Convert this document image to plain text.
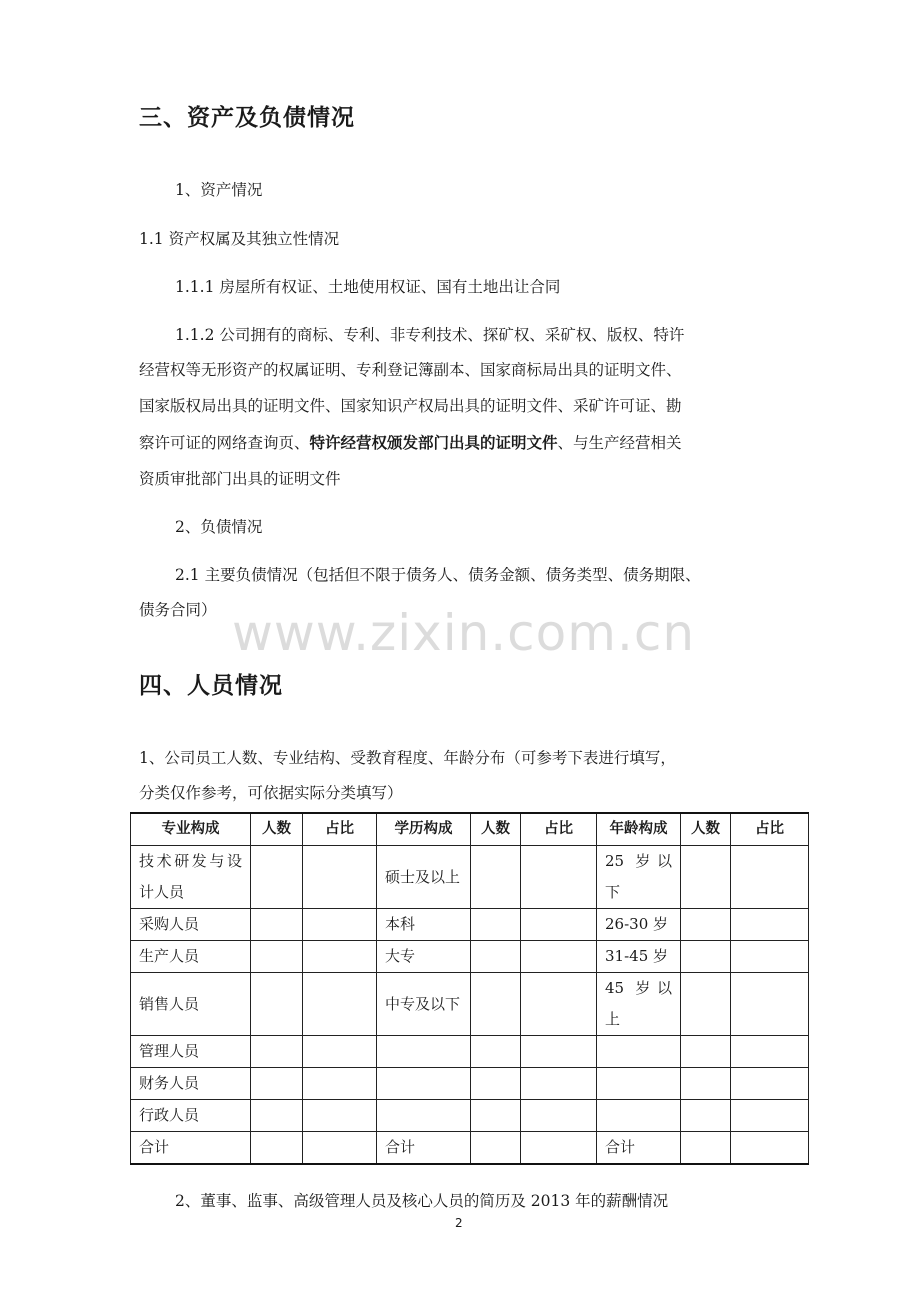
三、资产及负债情况
1、资产情况
1.1 资产权属及其独立性情况
1.1.1 房屋所有权证、土地使用权证、国有土地出让合同
1.1.2 公司拥有的商标、专利、非专利技术、探矿权、采矿权、版权、特许
经营权等无形资产的权属证明、专利登记簿副本、国家商标局出具的证明文件、
国家版权局出具的证明文件、国家知识产权局出具的证明文件、采矿许可证、勘
察许可证的网络查询页、特许经营权颁发部门出具的证明文件、与生产经营相关
资质审批部门出具的证明文件
2、负债情况
2.1 主要负债情况（包括但不限于债务人、债务金额、债务类型、债务期限、
债务合同） www.zixin.com.cn
四、人员情况
1、公司员工人数、专业结构、受教育程度、年龄分布（可参考下表进行填写，
分类仅作参考，可依据实际分类填写）
专业构成	人数	占比	学历构成	人数	占比	年龄构成	人数	占比
技术研发与设计人员			硕士及以上			25 岁以下		
采购人员			本科			26-30 岁		
生产人员			大专			31-45 岁		
销售人员			中专及以下			45 岁以上		
管理人员								
财务人员								
行政人员								
合计			合计			合计		
2、董事、监事、高级管理人员及核心人员的简历及 2013 年的薪酬情况
2
